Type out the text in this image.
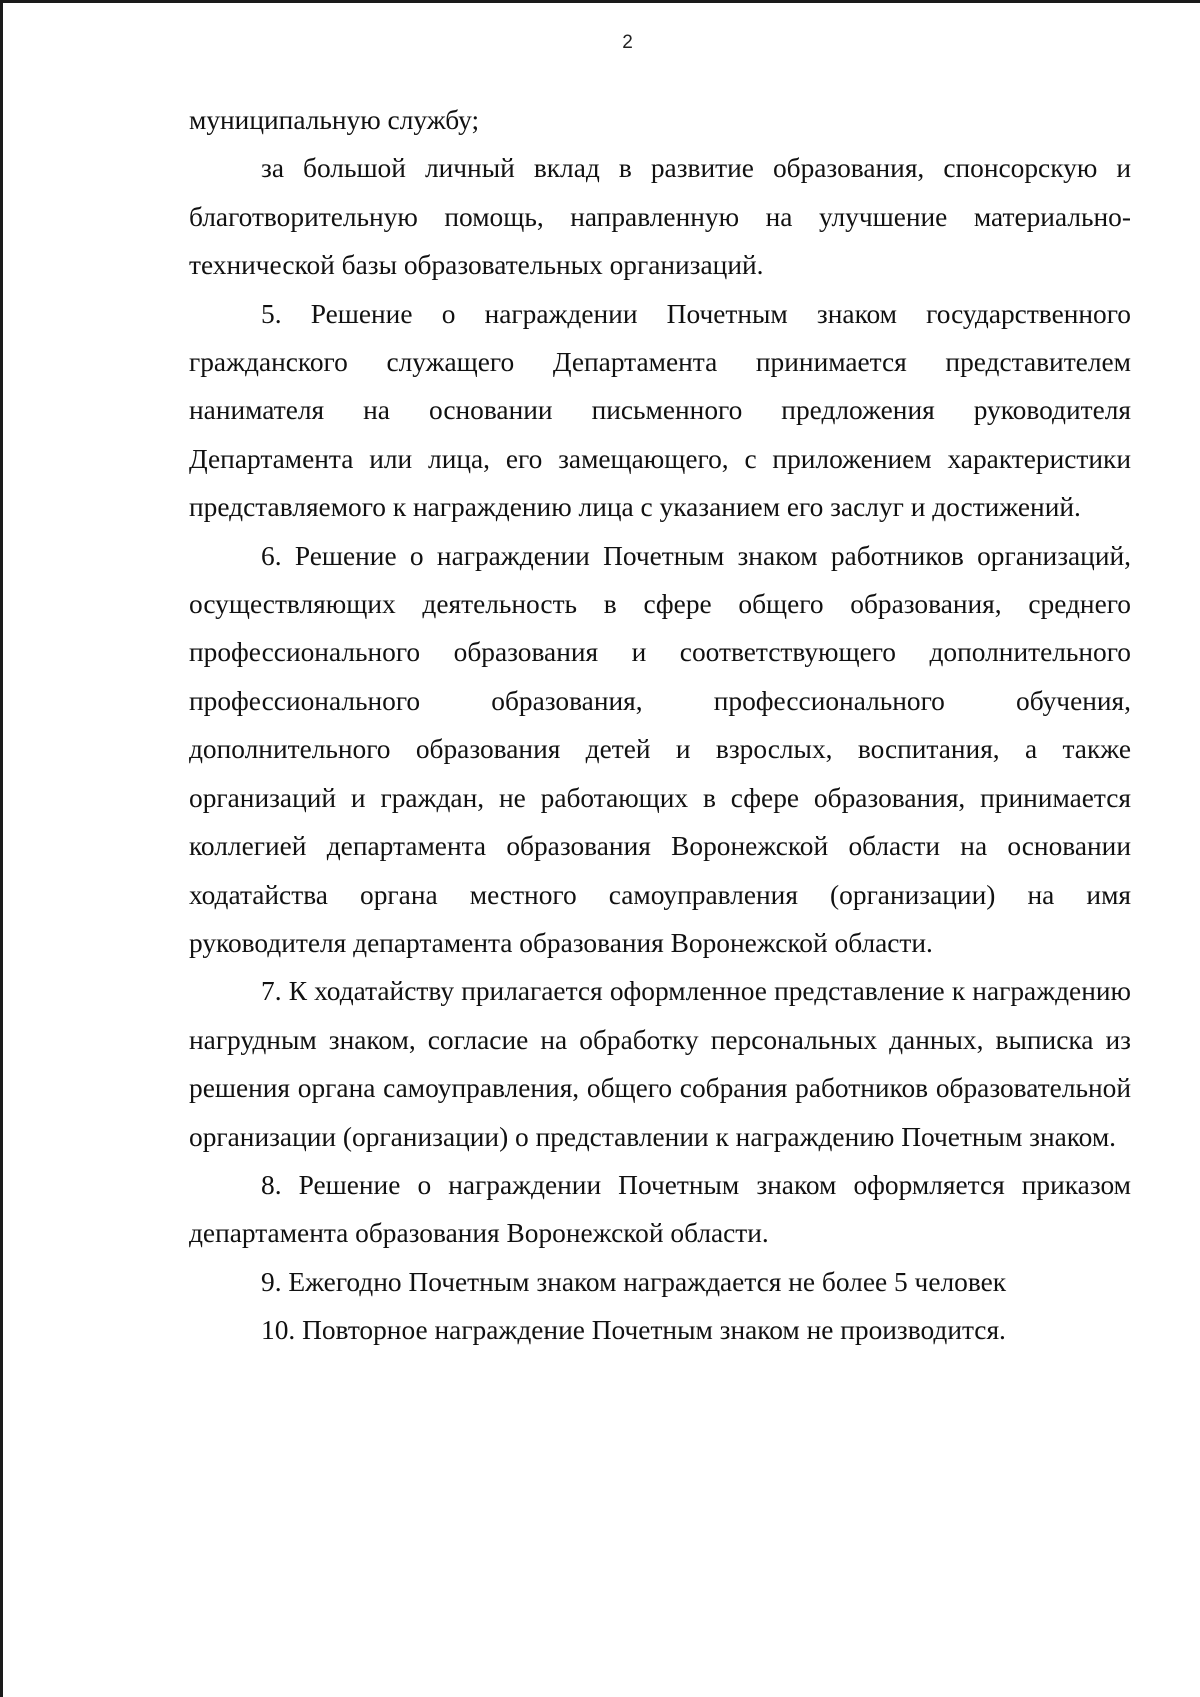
2

муниципальную службу;

за большой личный вклад в развитие образования, спонсорскую и благотворительную помощь, направленную на улучшение материально-технической базы образовательных организаций.

5. Решение о награждении Почетным знаком государственного гражданского служащего Департамента принимается представителем нанимателя на основании письменного предложения руководителя Департамента или лица, его замещающего, с приложением характеристики представляемого к награждению лица с указанием его заслуг и достижений.

6. Решение о награждении Почетным знаком работников организаций, осуществляющих деятельность в сфере общего образования, среднего профессионального образования и соответствующего дополнительного профессионального образования, профессионального обучения, дополнительного образования детей и взрослых, воспитания, а также организаций и граждан, не работающих в сфере образования, принимается коллегией департамента образования Воронежской области на основании ходатайства органа местного самоуправления (организации) на имя руководителя департамента образования Воронежской области.

7. К ходатайству прилагается оформленное представление к награждению нагрудным знаком, согласие на обработку персональных данных, выписка из решения органа самоуправления, общего собрания работников образовательной организации (организации) о представлении к награждению Почетным знаком.

8. Решение о награждении Почетным знаком оформляется приказом департамента образования Воронежской области.

9. Ежегодно Почетным знаком награждается не более 5 человек

10. Повторное награждение Почетным знаком не производится.
